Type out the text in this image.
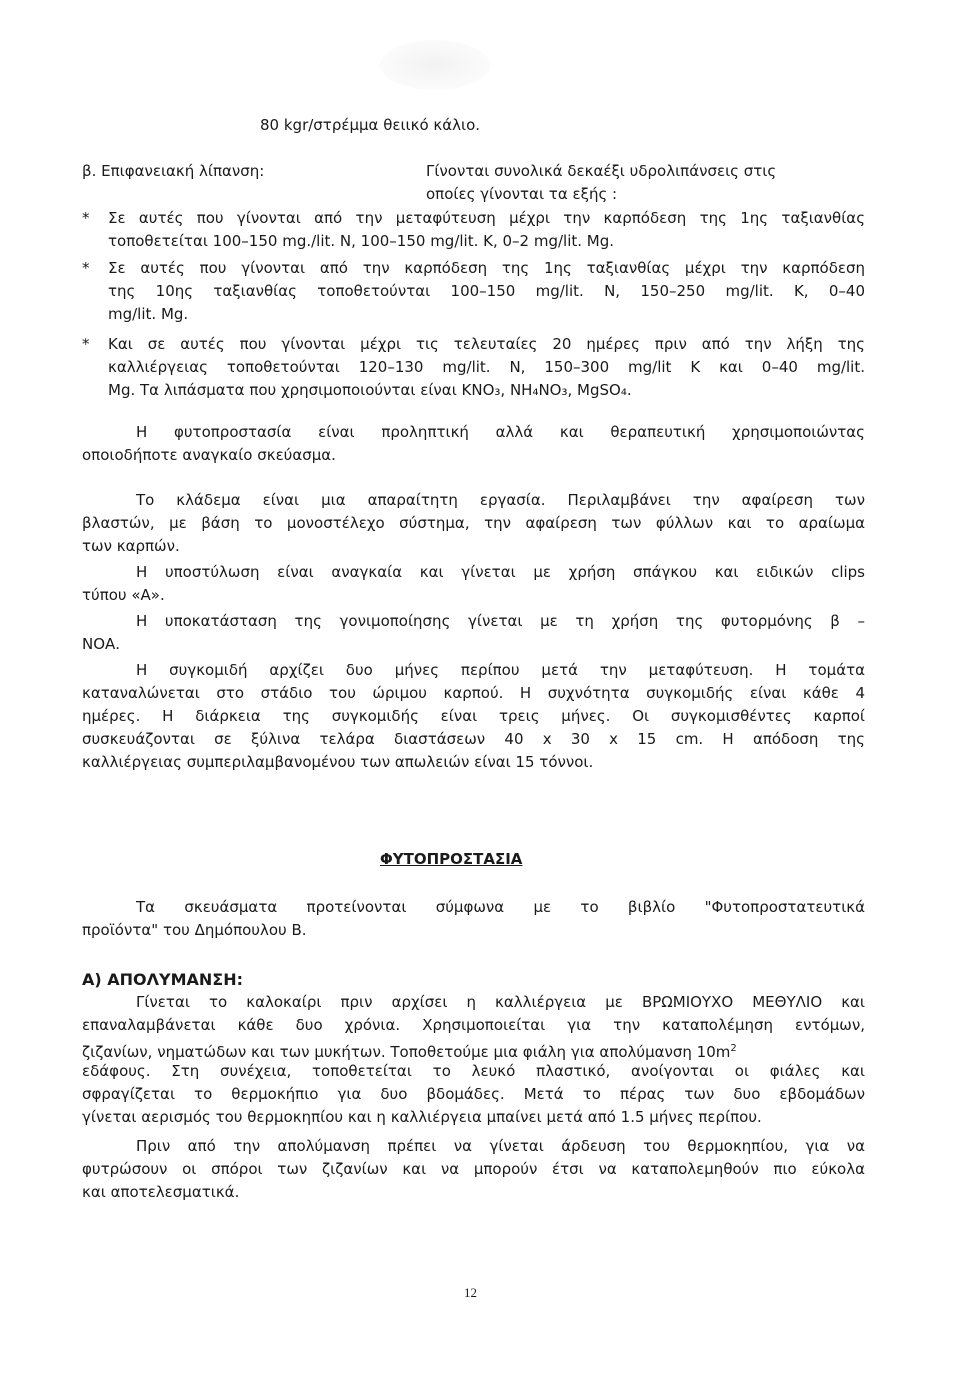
80 kgr/στρέμμα θειικό κάλιο.

β. Επιφανειακή λίπανση:	Γίνονται συνολικά δεκαέξι υδρολιπάνσεις στις

οποίες γίνονται τα εξής :

* Σε αυτές που γίνονται από την μεταφύτευση μέχρι την καρπόδεση της 1ης ταξιανθίας

τοποθετείται 100–150 mg./lit. N, 100–150 mg/lit. K, 0–2 mg/lit. Mg.

* Σε αυτές που γίνονται από την καρπόδεση της 1ης ταξιανθίας μέχρι την καρπόδεση

της 10ης ταξιανθίας τοποθετούνται 100–150 mg/lit. N, 150–250 mg/lit. K, 0–40

mg/lit. Mg.

* Και σε αυτές που γίνονται μέχρι τις τελευταίες 20 ημέρες πριν από την λήξη της

καλλιέργειας τοποθετούνται 120–130 mg/lit. N, 150–300 mg/lit K και 0–40 mg/lit.

Mg. Τα λιπάσματα που χρησιμοποιούνται είναι KNO₃, NH₄NO₃, MgSO₄.

Η φυτοπροστασία είναι προληπτική αλλά και θεραπευτική χρησιμοποιώντας

οποιοδήποτε αναγκαίο σκεύασμα.

Το κλάδεμα είναι μια απαραίτητη εργασία. Περιλαμβάνει την αφαίρεση των

βλαστών, με βάση το μονοστέλεχο σύστημα, την αφαίρεση των φύλλων και το αραίωμα

των καρπών.

Η υποστύλωση είναι αναγκαία και γίνεται με χρήση σπάγκου και ειδικών clips

τύπου «Α».

Η υποκατάσταση της γονιμοποίησης γίνεται με τη χρήση της φυτορμόνης β –

ΝΟΑ.

Η συγκομιδή αρχίζει δυο μήνες περίπου μετά την μεταφύτευση. Η τομάτα

καταναλώνεται στο στάδιο του ώριμου καρπού. Η συχνότητα συγκομιδής είναι κάθε 4

ημέρες. Η διάρκεια της συγκομιδής είναι τρεις μήνες. Οι συγκομισθέντες καρποί

συσκευάζονται σε ξύλινα τελάρα διαστάσεων 40 x 30 x 15 cm. Η απόδοση της

καλλιέργειας συμπεριλαμβανομένου των απωλειών είναι 15 τόννοι.

ΦΥΤΟΠΡΟΣΤΑΣΙΑ

Τα σκευάσματα προτείνονται σύμφωνα με το βιβλίο "Φυτοπροστατευτικά

προϊόντα" του Δημόπουλου Β.

Α) ΑΠΟΛΥΜΑΝΣΗ:

Γίνεται το καλοκαίρι πριν αρχίσει η καλλιέργεια με ΒΡΩΜΙΟΥΧΟ ΜΕΘΥΛΙΟ και

επαναλαμβάνεται κάθε δυο χρόνια. Χρησιμοποιείται για την καταπολέμηση εντόμων,

ζιζανίων, νηματώδων και των μυκήτων. Τοποθετούμε μια φιάλη για απολύμανση $10m^2$

εδάφους. Στη συνέχεια, τοποθετείται το λευκό πλαστικό, ανοίγονται οι φιάλες και

σφραγίζεται το θερμοκήπιο για δυο βδομάδες. Μετά το πέρας των δυο εβδομάδων

γίνεται αερισμός του θερμοκηπίου και η καλλιέργεια μπαίνει μετά από 1.5 μήνες περίπου.

Πριν από την απολύμανση πρέπει να γίνεται άρδευση του θερμοκηπίου, για να

φυτρώσουν οι σπόροι των ζιζανίων και να μπορούν έτσι να καταπολεμηθούν πιο εύκολα

και αποτελεσματικά.

12
